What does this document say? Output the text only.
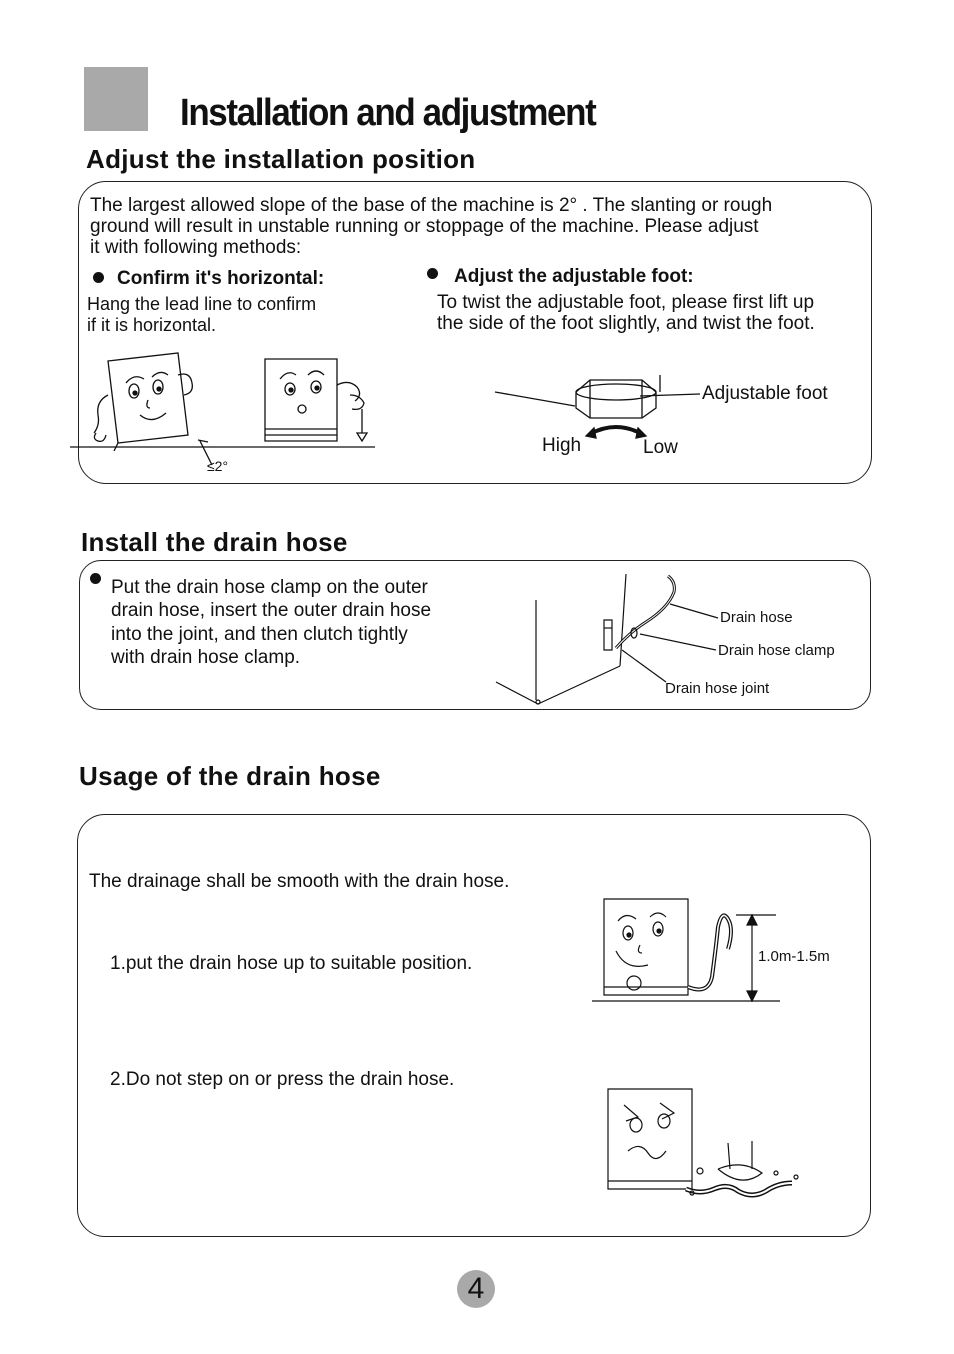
Installation and adjustment
Adjust the installation position
The largest allowed slope of the base of the machine is 2° . The slanting or rough
ground will result in unstable running or stoppage of the machine. Please adjust
it with following methods:
Confirm it's horizontal:
Hang the lead line to confirm
if it is horizontal.
Adjust the adjustable foot:
To twist the adjustable foot, please first lift up
the side of the foot slightly, and twist the foot.
≤2°
Adjustable foot
High	Low
Install the drain hose
Put the drain hose clamp on the outer
drain hose, insert the outer drain hose
into the joint, and then clutch tightly
with drain hose clamp.
Drain hose
Drain hose clamp
Drain hose joint
Usage of the drain hose
The drainage shall be smooth with the drain hose.
1.put the drain hose up to suitable position.
2.Do not step on or press the drain hose.
1.0m-1.5m
4
